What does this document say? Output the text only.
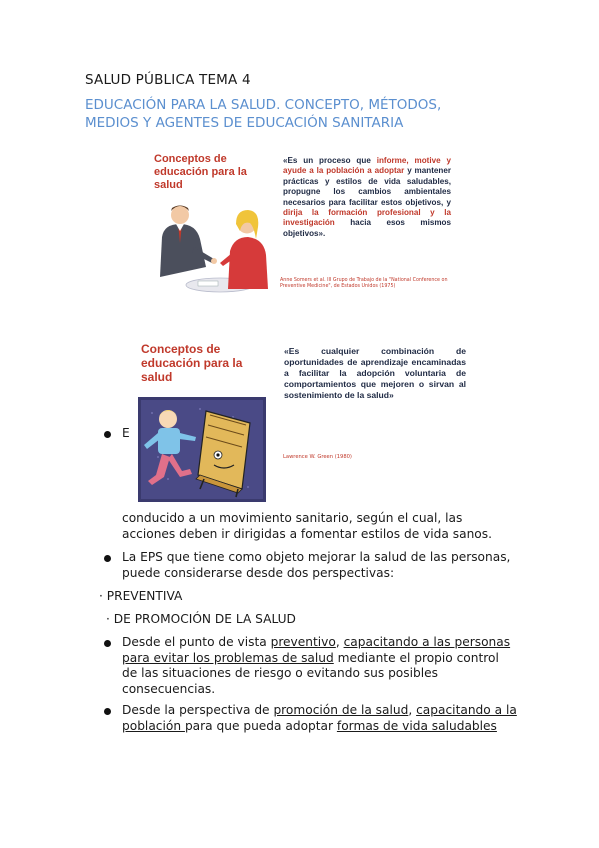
SALUD PÚBLICA TEMA 4
EDUCACIÓN PARA LA SALUD. CONCEPTO, MÉTODOS,
MEDIOS Y AGENTES DE EDUCACIÓN SANITARIA
Conceptos de educación para la salud
«Es un proceso que informe, motive y ayude a la población a adoptar y mantener prácticas y estilos de vida saludables, propugne los cambios ambientales necesarios para facilitar estos objetivos, y dirija la formación profesional y la investigación hacia esos mismos objetivos».
Anne Somers et al. III Grupo de Trabajo de la "National Conference on Preventive Medicine", de Estados Unidos (1975)
Conceptos de educación para la salud
«Es cualquier combinación de oportunidades de aprendizaje encaminadas a facilitar la adopción voluntaria de comportamientos que mejoren o sirvan al sostenimiento de la salud»
Lawrence W. Green (1980)
E
conducido a un movimiento sanitario, según el cual, las
acciones deben ir dirigidas a fomentar estilos de vida sanos.
La EPS que tiene como objeto mejorar la salud de las personas,
puede considerarse desde dos perspectivas:
· PREVENTIVA
· DE PROMOCIÓN DE LA SALUD
Desde el punto de vista preventivo, capacitando a las personas
para evitar los problemas de salud mediante el propio control
de las situaciones de riesgo o evitando sus posibles
consecuencias.
Desde la perspectiva de promoción de la salud, capacitando a la
población para que pueda adoptar formas de vida saludables
